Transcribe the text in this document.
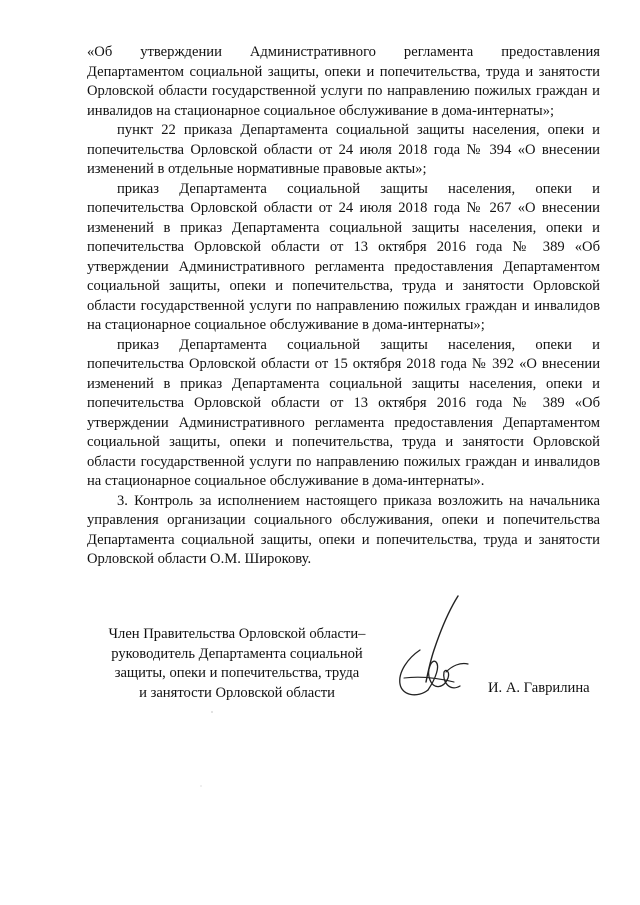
«Об утверждении Административного регламента предоставления Департаментом социальной защиты, опеки и попечительства, труда и занятости Орловской области государственной услуги по направлению пожилых граждан и инвалидов на стационарное социальное обслуживание в дома-интернаты»;

пункт 22 приказа Департамента социальной защиты населения, опеки и попечительства Орловской области от 24 июля 2018 года № 394 «О внесении изменений в отдельные нормативные правовые акты»;

приказ Департамента социальной защиты населения, опеки и попечительства Орловской области от 24 июля 2018 года № 267 «О внесении изменений в приказ Департамента социальной защиты населения, опеки и попечительства Орловской области от 13 октября 2016 года № 389 «Об утверждении Административного регламента предоставления Департаментом социальной защиты, опеки и попечительства, труда и занятости Орловской области государственной услуги по направлению пожилых граждан и инвалидов на стационарное социальное обслуживание в дома-интернаты»;

приказ Департамента социальной защиты населения, опеки и попечительства Орловской области от 15 октября 2018 года № 392 «О внесении изменений в приказ Департамента социальной защиты населения, опеки и попечительства Орловской области от 13 октября 2016 года № 389 «Об утверждении Административного регламента предоставления Департаментом социальной защиты, опеки и попечительства, труда и занятости Орловской области государственной услуги по направлению пожилых граждан и инвалидов на стационарное социальное обслуживание в дома-интернаты».

3. Контроль за исполнением настоящего приказа возложить на начальника управления организации социального обслуживания, опеки и попечительства Департамента социальной защиты, опеки и попечительства, труда и занятости Орловской области О.М. Широкову.

Член Правительства Орловской области–
руководитель Департамента социальной
защиты, опеки и попечительства, труда
и занятости Орловской области	И. А. Гаврилина
